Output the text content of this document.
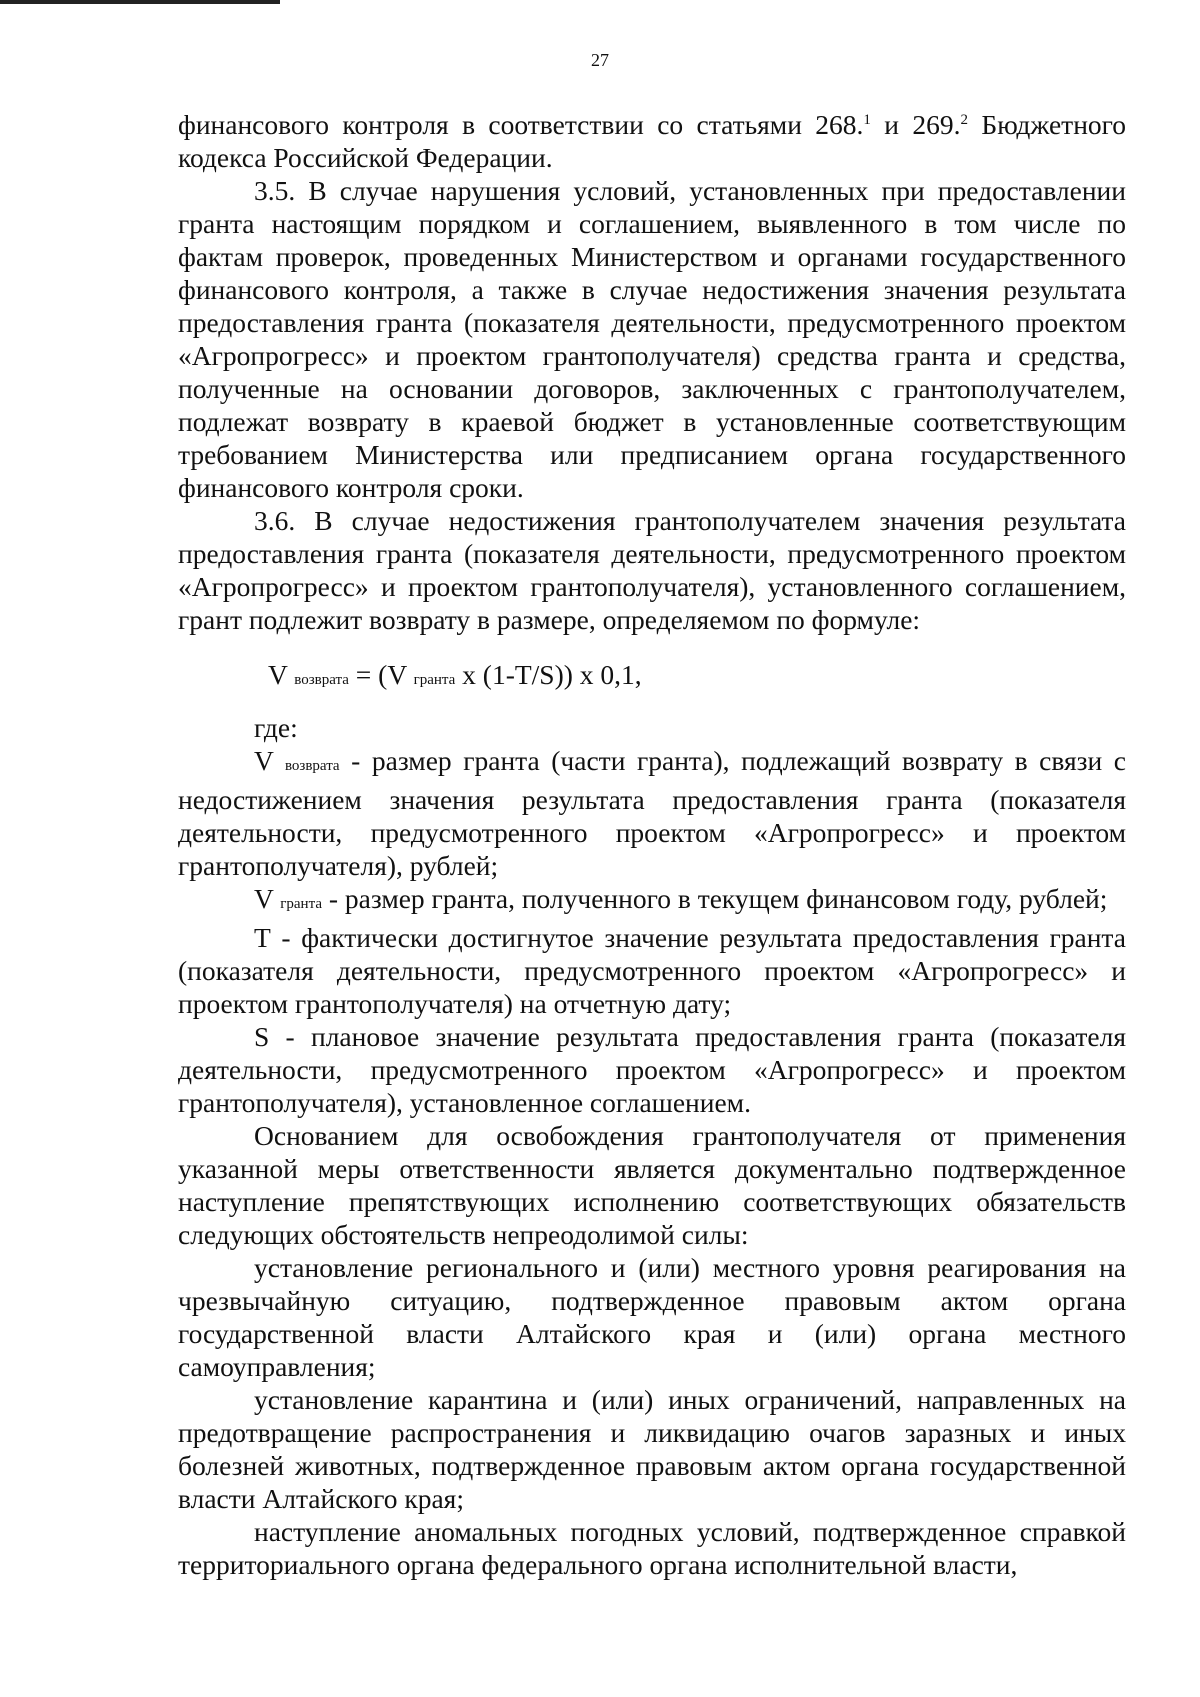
27

финансового контроля в соответствии со статьями 268.$^1$ и 269.$^2$ Бюджетного кодекса Российской Федерации.

3.5. В случае нарушения условий, установленных при предоставлении гранта настоящим порядком и соглашением, выявленного в том числе по фактам проверок, проведенных Министерством и органами государственного финансового контроля, а также в случае недостижения значения результата предоставления гранта (показателя деятельности, предусмотренного проектом «Агропрогресс» и проектом грантополучателя) средства гранта и средства, полученные на основании договоров, заключенных с грантополучателем, подлежат возврату в краевой бюджет в установленные соответствующим требованием Министерства или предписанием органа государственного финансового контроля сроки.

3.6. В случае недостижения грантополучателем значения результата предоставления гранта (показателя деятельности, предусмотренного проектом «Агропрогресс» и проектом грантополучателя), установленного соглашением, грант подлежит возврату в размере, определяемом по формуле:

V возврата = (V гранта x (1-T/S)) x 0,1,

где:

V возврата - размер гранта (части гранта), подлежащий возврату в связи с недостижением значения результата предоставления гранта (показателя деятельности, предусмотренного проектом «Агропрогресс» и проектом грантополучателя), рублей;

V гранта - размер гранта, полученного в текущем финансовом году, рублей;

Т - фактически достигнутое значение результата предоставления гранта (показателя деятельности, предусмотренного проектом «Агропрогресс» и проектом грантополучателя) на отчетную дату;

S - плановое значение результата предоставления гранта (показателя деятельности, предусмотренного проектом «Агропрогресс» и проектом грантополучателя), установленное соглашением.

Основанием для освобождения грантополучателя от применения указанной меры ответственности является документально подтвержденное наступление препятствующих исполнению соответствующих обязательств следующих обстоятельств непреодолимой силы:

установление регионального и (или) местного уровня реагирования на чрезвычайную ситуацию, подтвержденное правовым актом органа государственной власти Алтайского края и (или) органа местного самоуправления;

установление карантина и (или) иных ограничений, направленных на предотвращение распространения и ликвидацию очагов заразных и иных болезней животных, подтвержденное правовым актом органа государственной власти Алтайского края;

наступление аномальных погодных условий, подтвержденное справкой территориального органа федерального органа исполнительной власти,
